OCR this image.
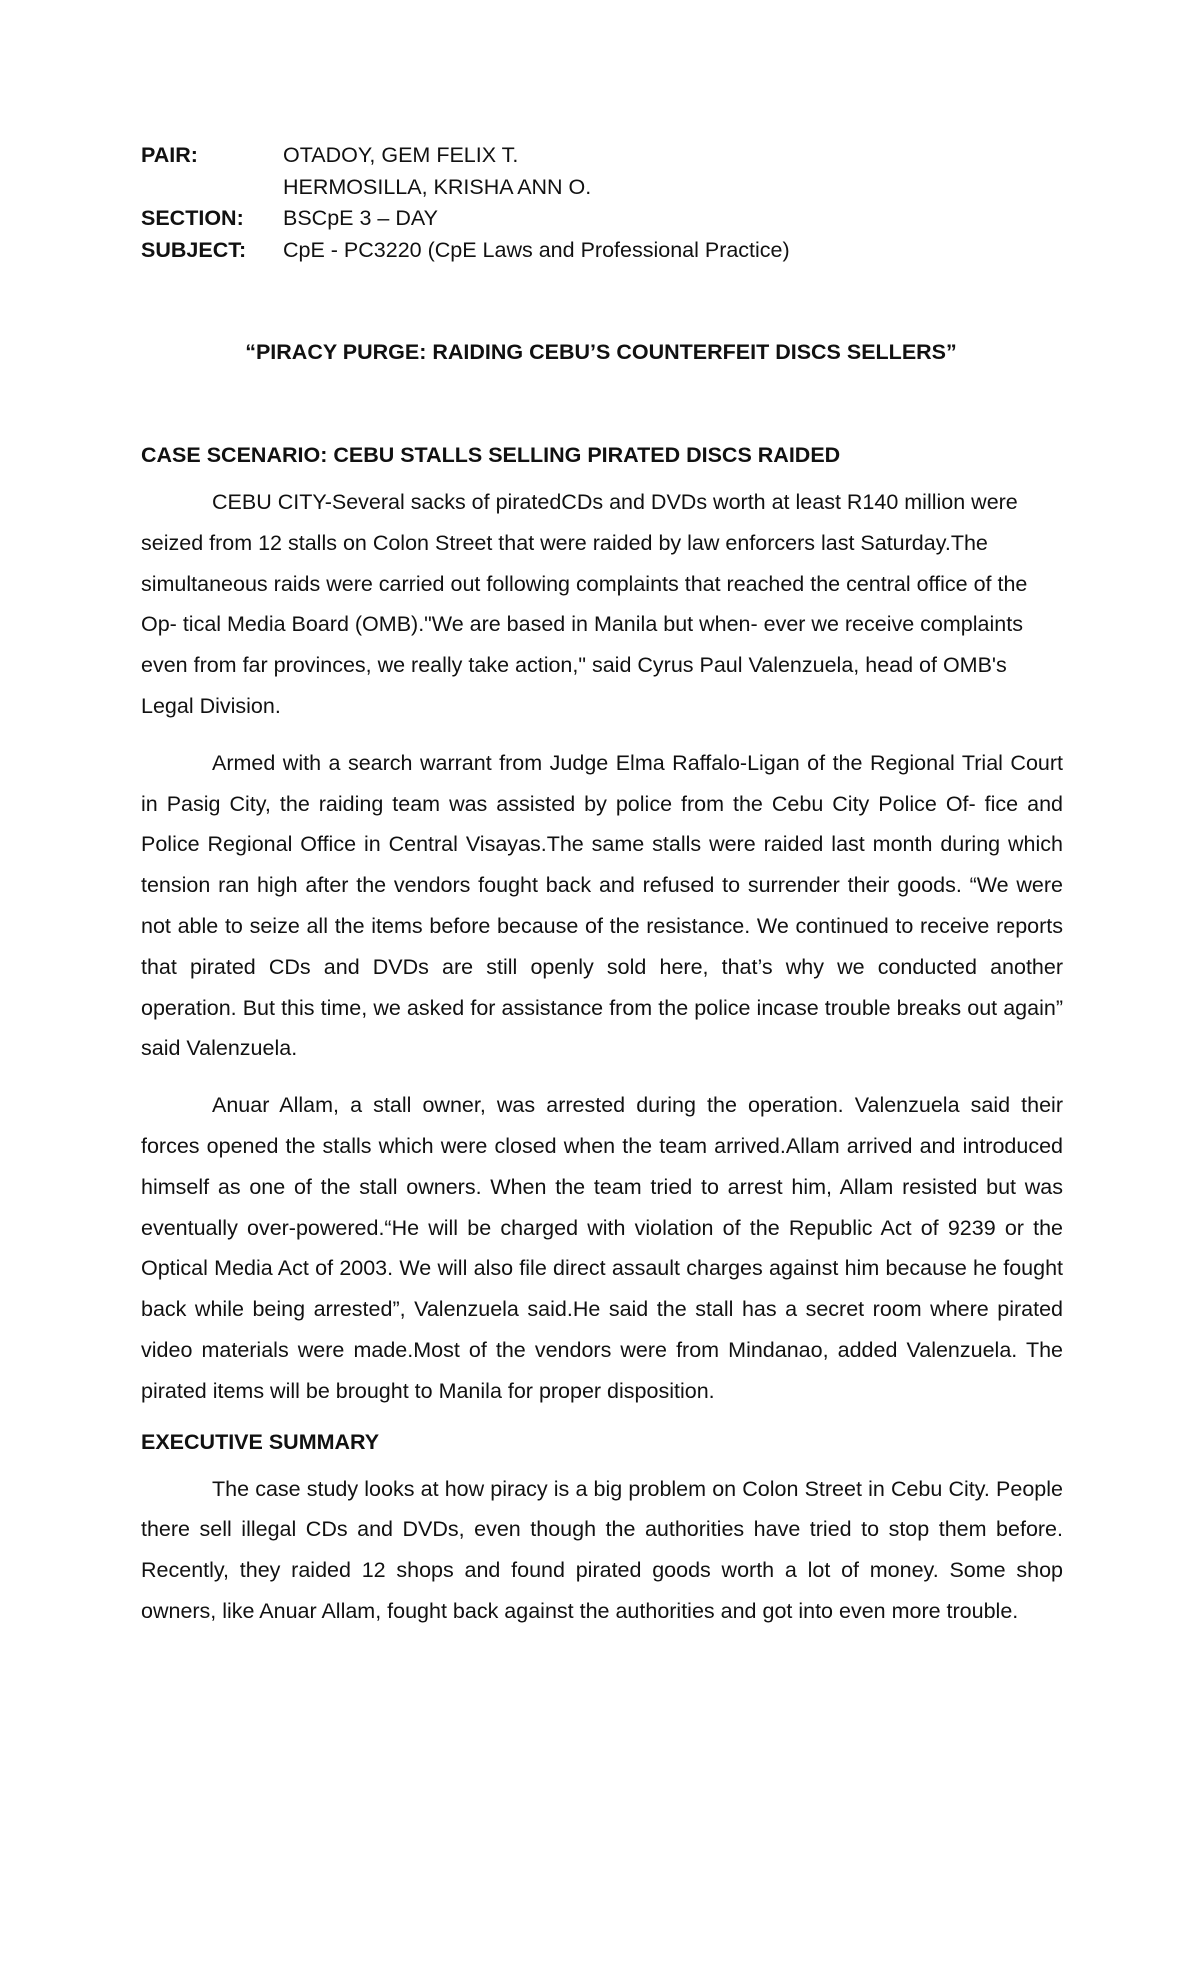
PAIR:	OTADOY, GEM FELIX T.
HERMOSILLA, KRISHA ANN O.
SECTION:	BSCpE 3 – DAY
SUBJECT:	CpE - PC3220 (CpE Laws and Professional Practice)
“PIRACY PURGE: RAIDING CEBU’S COUNTERFEIT DISCS SELLERS”
CASE SCENARIO: CEBU STALLS SELLING PIRATED DISCS RAIDED

CEBU CITY-Several sacks of piratedCDs and DVDs worth at least R140 million were seized from 12 stalls on Colon Street that were raided by law enforcers last Saturday.The simultaneous raids were carried out following complaints that reached the central office of the Op- tical Media Board (OMB)."We are based in Manila but when- ever we receive complaints even from far provinces, we really take action," said Cyrus Paul Valenzuela, head of OMB's Legal Division.

Armed with a search warrant from Judge Elma Raffalo-Ligan of the Regional Trial Court in Pasig City, the raiding team was assisted by police from the Cebu City Police Of- fice and Police Regional Office in Central Visayas.The same stalls were raided last month during which tension ran high after the vendors fought back and refused to surrender their goods. “We were not able to seize all the items before because of the resistance. We continued to receive reports that pirated CDs and DVDs are still openly sold here, that’s why we conducted another operation. But this time, we asked for assistance from the police incase trouble breaks out again” said Valenzuela.

Anuar Allam, a stall owner, was arrested during the operation. Valenzuela said their forces opened the stalls which were closed when the team arrived.Allam arrived and introduced himself as one of the stall owners. When the team tried to arrest him, Allam resisted but was eventually over-powered.“He will be charged with violation of the Republic Act of 9239 or the Optical Media Act of 2003. We will also file direct assault charges against him because he fought back while being arrested”, Valenzuela said.He said the stall has a secret room where pirated video materials were made.Most of the vendors were from Mindanao, added Valenzuela. The pirated items will be brought to Manila for proper disposition.

EXECUTIVE SUMMARY

The case study looks at how piracy is a big problem on Colon Street in Cebu City. People there sell illegal CDs and DVDs, even though the authorities have tried to stop them before. Recently, they raided 12 shops and found pirated goods worth a lot of money. Some shop owners, like Anuar Allam, fought back against the authorities and got into even more trouble.
